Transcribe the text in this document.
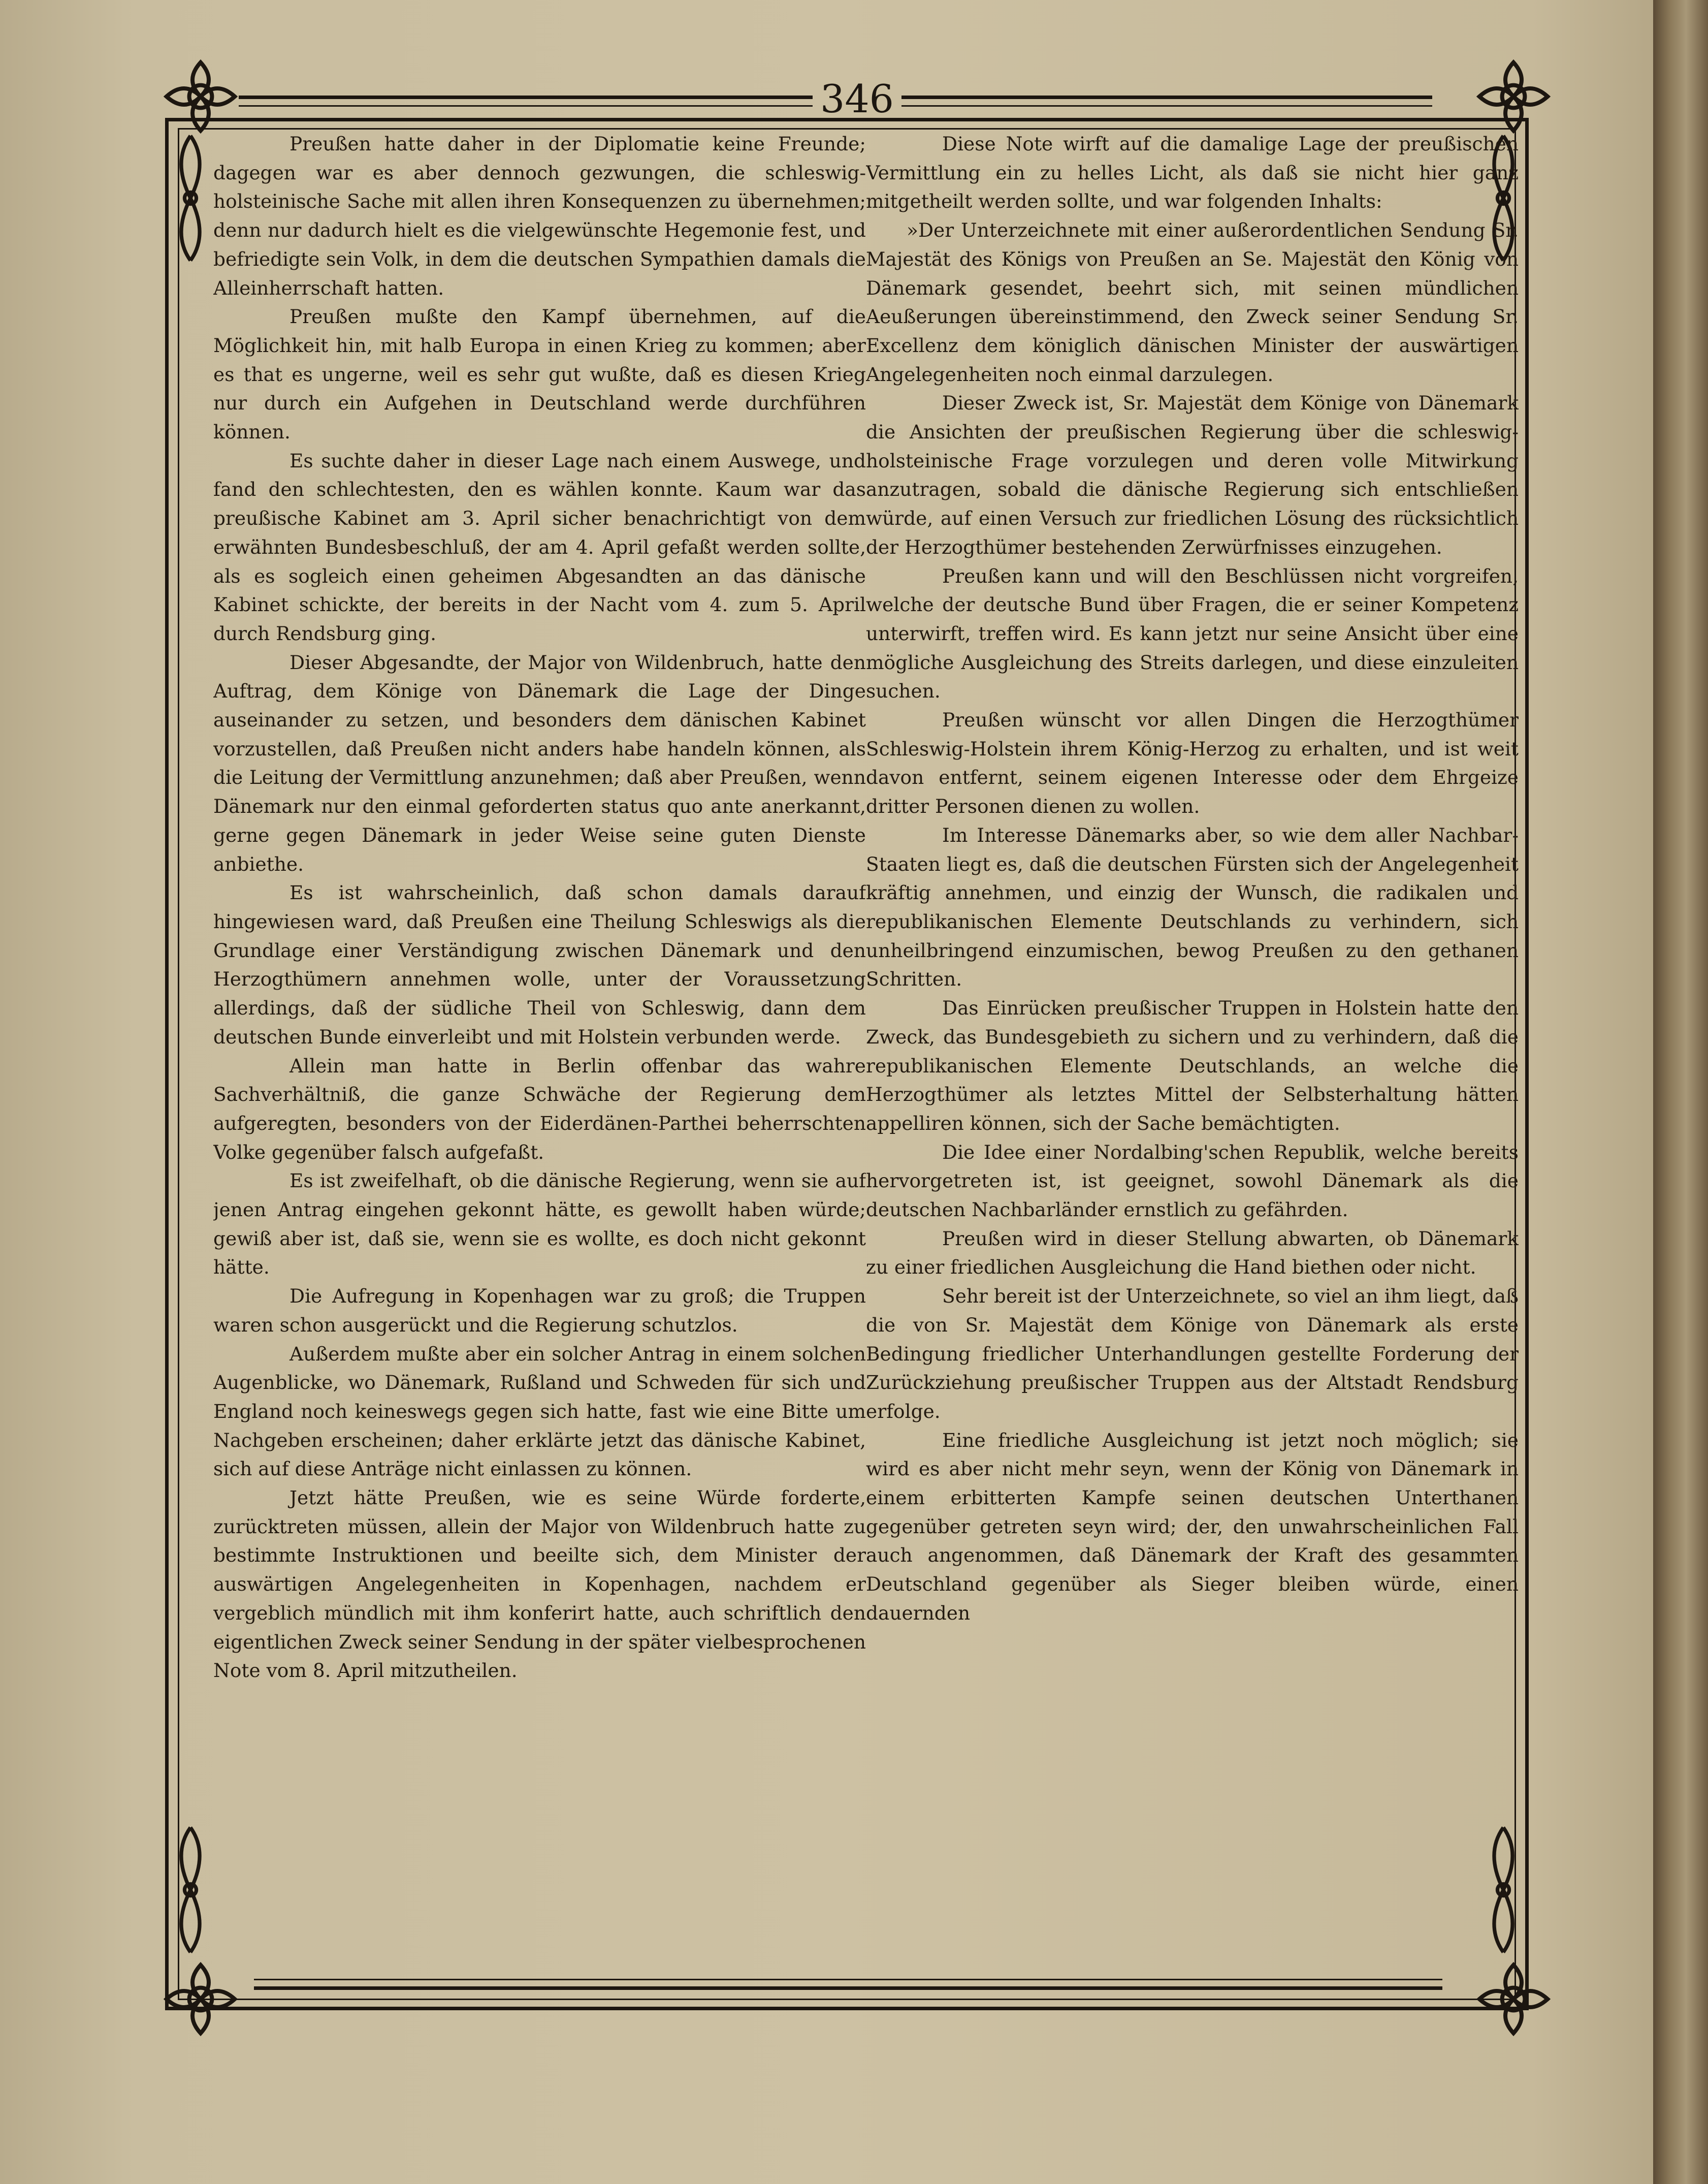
346

Preußen hatte daher in der Diplomatie keine Freunde; dagegen war es aber dennoch gezwungen, die schleswig-holsteinische Sache mit allen ihren Konsequenzen zu übernehmen; denn nur dadurch hielt es die vielgewünschte Hegemonie fest, und befriedigte sein Volk, in dem die deutschen Sympathien damals die Alleinherrschaft hatten.

Preußen mußte den Kampf übernehmen, auf die Möglichkeit hin, mit halb Europa in einen Krieg zu kommen; aber es that es ungerne, weil es sehr gut wußte, daß es diesen Krieg nur durch ein Aufgehen in Deutschland werde durchführen können.

Es suchte daher in dieser Lage nach einem Auswege, und fand den schlechtesten, den es wählen konnte. Kaum war das preußische Kabinet am 3. April sicher benachrichtigt von dem erwähnten Bundesbeschluß, der am 4. April gefaßt werden sollte, als es sogleich einen geheimen Abgesandten an das dänische Kabinet schickte, der bereits in der Nacht vom 4. zum 5. April durch Rendsburg ging.

Dieser Abgesandte, der Major von Wildenbruch, hatte den Auftrag, dem Könige von Dänemark die Lage der Dinge auseinander zu setzen, und besonders dem dänischen Kabinet vorzustellen, daß Preußen nicht anders habe handeln können, als die Leitung der Vermittlung anzunehmen; daß aber Preußen, wenn Dänemark nur den einmal geforderten status quo ante anerkannt, gerne gegen Dänemark in jeder Weise seine guten Dienste anbiethe.

Es ist wahrscheinlich, daß schon damals darauf hingewiesen ward, daß Preußen eine Theilung Schleswigs als die Grundlage einer Verständigung zwischen Dänemark und den Herzogthümern annehmen wolle, unter der Voraussetzung allerdings, daß der südliche Theil von Schleswig, dann dem deutschen Bunde einverleibt und mit Holstein verbunden werde.

Allein man hatte in Berlin offenbar das wahre Sachverhältniß, die ganze Schwäche der Regierung dem aufgeregten, besonders von der Eiderdänen-Parthei beherrschten Volke gegenüber falsch aufgefaßt.

Es ist zweifelhaft, ob die dänische Regierung, wenn sie auf jenen Antrag eingehen gekonnt hätte, es gewollt haben würde; gewiß aber ist, daß sie, wenn sie es wollte, es doch nicht gekonnt hätte.

Die Aufregung in Kopenhagen war zu groß; die Truppen waren schon ausgerückt und die Regierung schutzlos.

Außerdem mußte aber ein solcher Antrag in einem solchen Augenblicke, wo Dänemark, Rußland und Schweden für sich und England noch keineswegs gegen sich hatte, fast wie eine Bitte um Nachgeben erscheinen; daher erklärte jetzt das dänische Kabinet, sich auf diese Anträge nicht einlassen zu können.

Jetzt hätte Preußen, wie es seine Würde forderte, zurücktreten müssen, allein der Major von Wildenbruch hatte zu bestimmte Instruktionen und beeilte sich, dem Minister der auswärtigen Angelegenheiten in Kopenhagen, nachdem er vergeblich mündlich mit ihm konferirt hatte, auch schriftlich den eigentlichen Zweck seiner Sendung in der später vielbesprochenen Note vom 8. April mitzutheilen.

Diese Note wirft auf die damalige Lage der preußischen Vermittlung ein zu helles Licht, als daß sie nicht hier ganz mitgetheilt werden sollte, und war folgenden Inhalts:

»Der Unterzeichnete mit einer außerordentlichen Sendung Sr. Majestät des Königs von Preußen an Se. Majestät den König von Dänemark gesendet, beehrt sich, mit seinen mündlichen Aeußerungen übereinstimmend, den Zweck seiner Sendung Sr. Excellenz dem königlich dänischen Minister der auswärtigen Angelegenheiten noch einmal darzulegen.

Dieser Zweck ist, Sr. Majestät dem Könige von Dänemark die Ansichten der preußischen Regierung über die schleswig-holsteinische Frage vorzulegen und deren volle Mitwirkung anzutragen, sobald die dänische Regierung sich entschließen würde, auf einen Versuch zur friedlichen Lösung des rücksichtlich der Herzogthümer bestehenden Zerwürfnisses einzugehen.

Preußen kann und will den Beschlüssen nicht vorgreifen, welche der deutsche Bund über Fragen, die er seiner Kompetenz unterwirft, treffen wird. Es kann jetzt nur seine Ansicht über eine mögliche Ausgleichung des Streits darlegen, und diese einzuleiten suchen.

Preußen wünscht vor allen Dingen die Herzogthümer Schleswig-Holstein ihrem König-Herzog zu erhalten, und ist weit davon entfernt, seinem eigenen Interesse oder dem Ehrgeize dritter Personen dienen zu wollen.

Im Interesse Dänemarks aber, so wie dem aller Nachbar-Staaten liegt es, daß die deutschen Fürsten sich der Angelegenheit kräftig annehmen, und einzig der Wunsch, die radikalen und republikanischen Elemente Deutschlands zu verhindern, sich unheilbringend einzumischen, bewog Preußen zu den gethanen Schritten.

Das Einrücken preußischer Truppen in Holstein hatte den Zweck, das Bundesgebieth zu sichern und zu verhindern, daß die republikanischen Elemente Deutschlands, an welche die Herzogthümer als letztes Mittel der Selbsterhaltung hätten appelliren können, sich der Sache bemächtigten.

Die Idee einer Nordalbing'schen Republik, welche bereits hervorgetreten ist, ist geeignet, sowohl Dänemark als die deutschen Nachbarländer ernstlich zu gefährden.

Preußen wird in dieser Stellung abwarten, ob Dänemark zu einer friedlichen Ausgleichung die Hand biethen oder nicht.

Sehr bereit ist der Unterzeichnete, so viel an ihm liegt, daß die von Sr. Majestät dem Könige von Dänemark als erste Bedingung friedlicher Unterhandlungen gestellte Forderung der Zurückziehung preußischer Truppen aus der Altstadt Rendsburg erfolge.

Eine friedliche Ausgleichung ist jetzt noch möglich; sie wird es aber nicht mehr seyn, wenn der König von Dänemark in einem erbitterten Kampfe seinen deutschen Unterthanen gegenüber getreten seyn wird; der, den unwahrscheinlichen Fall auch angenommen, daß Dänemark der Kraft des gesammten Deutschland gegenüber als Sieger bleiben würde, einen dauernden
